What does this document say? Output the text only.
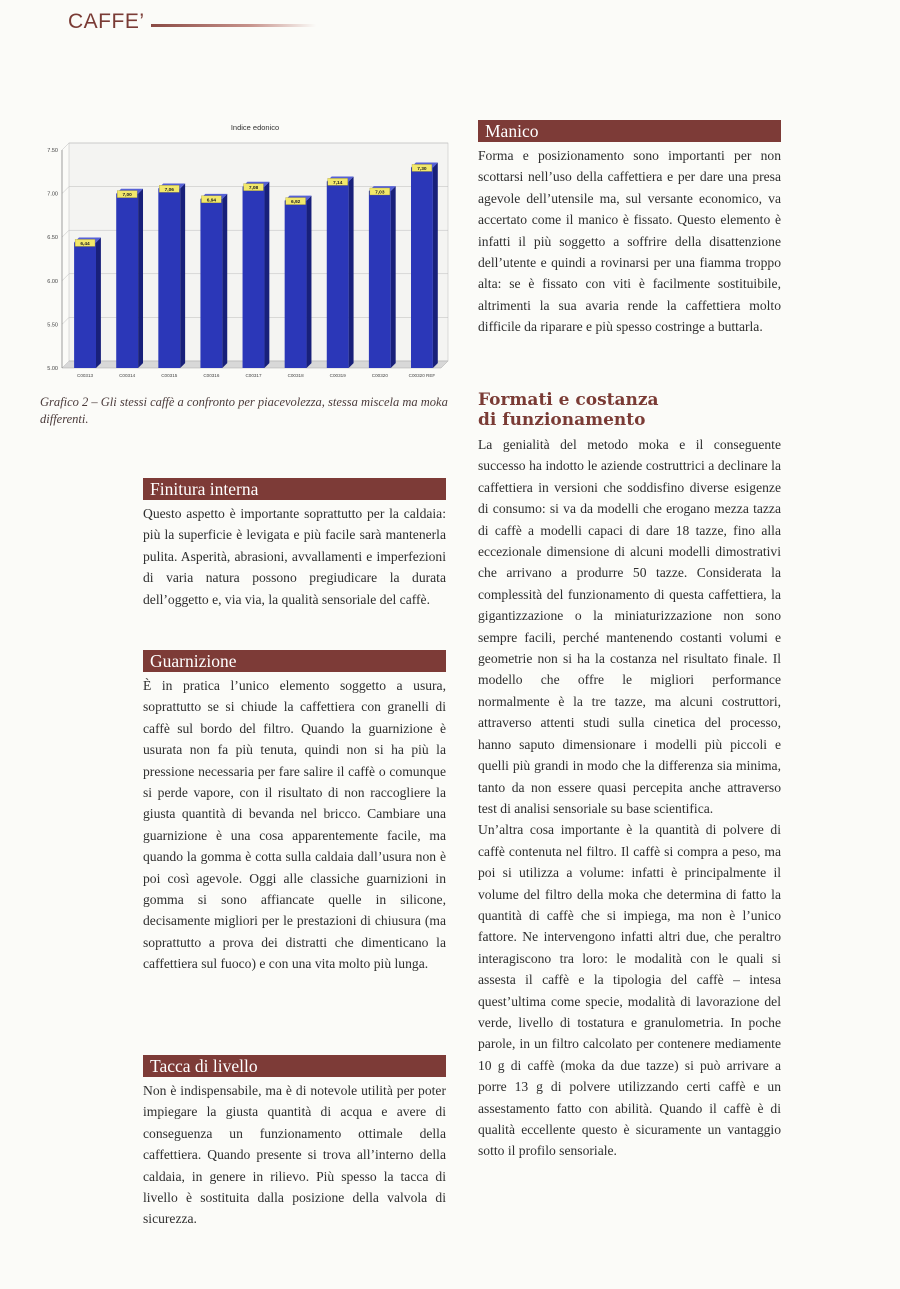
CAFFE’
Indice edonico
5.00
5.50
6.00
6.50
7.00
7.50
6,44
C00313
7,00
C00314
7,06
C00315
6,94
C00316
7,08
C00317
6,92
C00318
7,14
C00319
7,03
C00320
7,30
C00320 REF
Grafico 2 – Gli stessi caffè a confronto per piacevolezza, stessa miscela ma moka differenti.
Finitura interna
Questo aspetto è importante soprattutto per la caldaia: più la superficie è levigata e più facile sarà mantenerla pulita. Asperità, abrasioni, avvallamenti e imperfezioni di varia natura possono pregiudicare la durata dell’oggetto e, via via, la qualità sensoriale del caffè.
Guarnizione
È in pratica l’unico elemento soggetto a usura, soprattutto se si chiude la caffettiera con granelli di caffè sul bordo del filtro. Quando la guarnizione è usurata non fa più tenuta, quindi non si ha più la pressione necessaria per fare salire il caffè o comunque si perde vapore, con il risultato di non raccogliere la giusta quantità di bevanda nel bricco. Cambiare una guarnizione è una cosa apparentemente facile, ma quando la gomma è cotta sulla caldaia dall’usura non è poi così agevole. Oggi alle classiche guarnizioni in gomma si sono affiancate quelle in silicone, decisamente migliori per le prestazioni di chiusura (ma soprattutto a prova dei distratti che dimenticano la caffettiera sul fuoco) e con una vita molto più lunga.
Tacca di livello
Non è indispensabile, ma è di notevole utilità per poter impiegare la giusta quantità di acqua e avere di conseguenza un funzionamento ottimale della caffettiera. Quando presente si trova all’interno della caldaia, in genere in rilievo. Più spesso la tacca di livello è sostituita dalla posizione della valvola di sicurezza.
Manico
Forma e posizionamento sono importanti per non scottarsi nell’uso della caffettiera e per dare una presa agevole dell’utensile ma, sul versante economico, va accertato come il manico è fissato. Questo elemento è infatti il più soggetto a soffrire della disattenzione dell’utente e quindi a rovinarsi per una fiamma troppo alta: se è fissato con viti è facilmente sostituibile, altrimenti la sua avaria rende la caffettiera molto difficile da riparare e più spesso costringe a buttarla.
Formati e costanza
di funzionamento

La genialità del metodo moka e il conseguente successo ha indotto le aziende costruttrici a declinare la caffettiera in versioni che soddisfino diverse esigenze di consumo: si va da modelli che erogano mezza tazza di caffè a modelli capaci di dare 18 tazze, fino alla eccezionale dimensione di alcuni modelli dimostrativi che arrivano a produrre 50 tazze. Considerata la complessità del funzionamento di questa caffettiera, la gigantizzazione o la miniaturizzazione non sono sempre facili, perché mantenendo costanti volumi e geometrie non si ha la costanza nel risultato finale. Il modello che offre le migliori performance normalmente è la tre tazze, ma alcuni costruttori, attraverso attenti studi sulla cinetica del processo, hanno saputo dimensionare i modelli più piccoli e quelli più grandi in modo che la differenza sia minima, tanto da non essere quasi percepita anche attraverso test di analisi sensoriale su base scientifica.

Un’altra cosa importante è la quantità di polvere di caffè contenuta nel filtro. Il caffè si compra a peso, ma poi si utilizza a volume: infatti è principalmente il volume del filtro della moka che determina di fatto la quantità di caffè che si impiega, ma non è l’unico fattore. Ne intervengono infatti altri due, che peraltro interagiscono tra loro: le modalità con le quali si assesta il caffè e la tipologia del caffè – intesa quest’ultima come specie, modalità di lavorazione del verde, livello di tostatura e granulometria. In poche parole, in un filtro calcolato per contenere mediamente 10 g di caffè (moka da due tazze) si può arrivare a porre 13 g di polvere utilizzando certi caffè e un assestamento fatto con abilità. Quando il caffè è di qualità eccellente questo è sicuramente un vantaggio sotto il profilo sensoriale.
